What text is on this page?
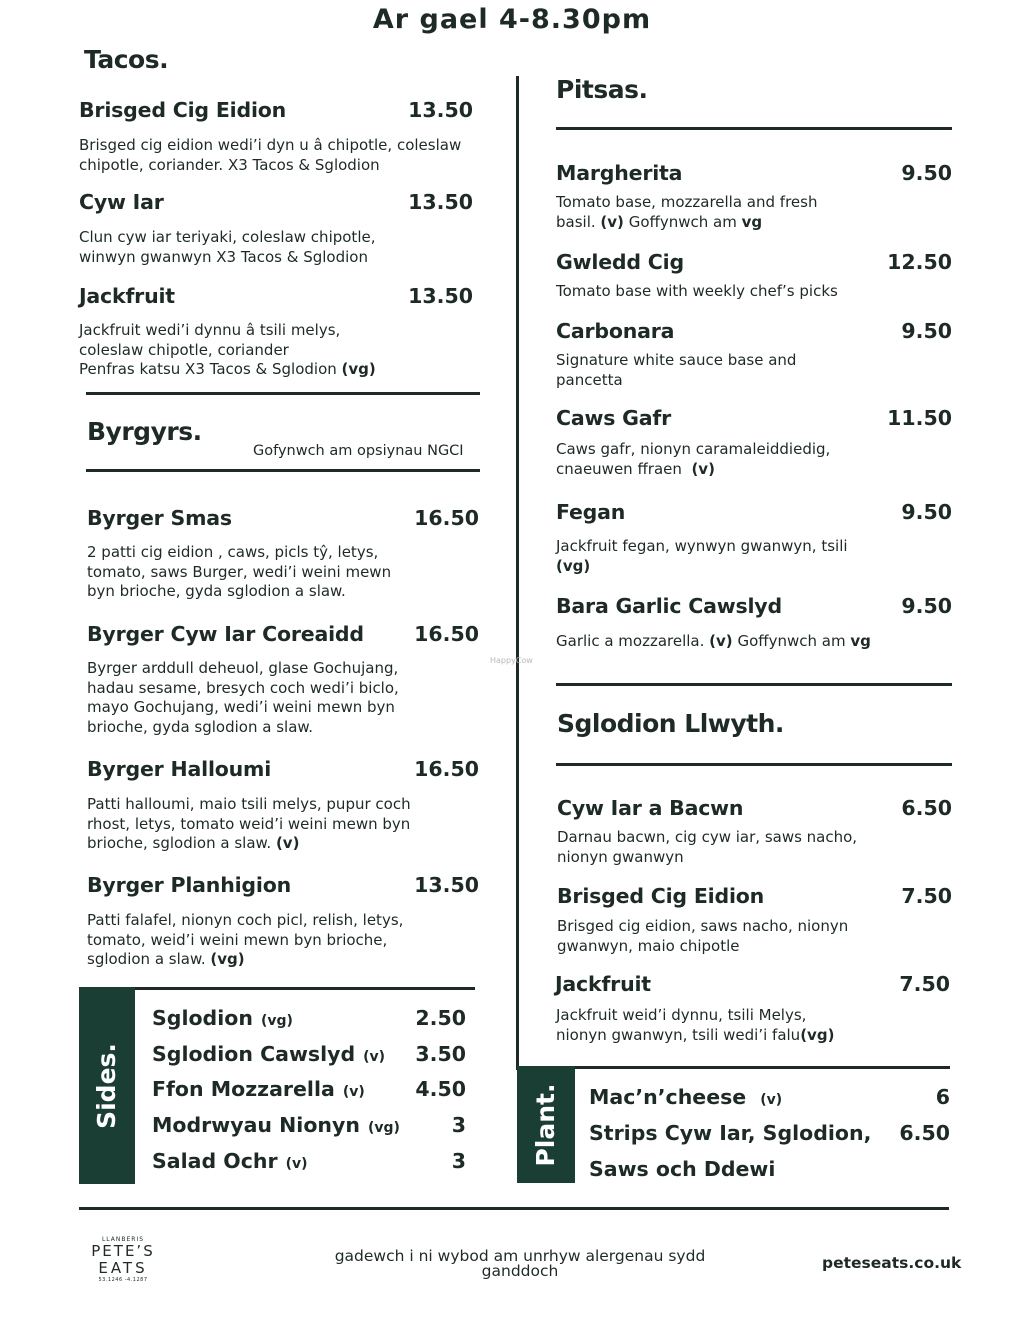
Ar gael 4-8.30pm
Tacos.
Brisged Cig Eidion	13.50
Brisged cig eidion wedi’i dyn u â chipotle, coleslaw
chipotle, coriander. X3 Tacos & Sglodion
Cyw Iar	13.50
Clun cyw iar teriyaki, coleslaw chipotle,
winwyn gwanwyn X3 Tacos & Sglodion
Jackfruit	13.50
Jackfruit wedi’i dynnu â tsili melys,
coleslaw chipotle, coriander
Penfras katsu X3 Tacos & Sglodion (vg)
Byrgyrs.
Gofynwch am opsiynau NGCI
Byrger Smas	16.50
2 patti cig eidion , caws, picls tŷ, letys,
tomato, saws Burger, wedi’i weini mewn
byn brioche, gyda sglodion a slaw.
Byrger Cyw Iar Coreaidd	16.50
Byrger arddull deheuol, glase Gochujang,
hadau sesame, bresych coch wedi’i biclo,
mayo Gochujang, wedi’i weini mewn byn
brioche, gyda sglodion a slaw.
Byrger Halloumi	16.50
Patti halloumi, maio tsili melys, pupur coch
rhost, letys, tomato weid’i weini mewn byn
brioche, sglodion a slaw. (v)
Byrger Planhigion	13.50
Patti falafel, nionyn coch picl, relish, letys,
tomato, weid’i weini mewn byn brioche,
sglodion a slaw. (vg)
Sides.
Sglodion (vg)	2.50
Sglodion Cawslyd (v)	3.50
Ffon Mozzarella (v)	4.50
Modrwyau Nionyn (vg)	3
Salad Ochr (v)	3
Pitsas.
Margherita	9.50
Tomato base, mozzarella and fresh
basil. (v) Goffynwch am vg
Gwledd Cig	12.50
Tomato base with weekly chef’s picks
Carbonara	9.50
Signature white sauce base and
pancetta
Caws Gafr	11.50
Caws gafr, nionyn caramaleiddiedig,
cnaeuwen ffraen (v)
Fegan	9.50
Jackfruit fegan, wynwyn gwanwyn, tsili
(vg)
Bara Garlic Cawslyd	9.50
Garlic a mozzarella. (v) Goffynwch am vg
HappyCow
Sglodion Llwyth.
Cyw Iar a Bacwn	6.50
Darnau bacwn, cig cyw iar, saws nacho,
nionyn gwanwyn
Brisged Cig Eidion	7.50
Brisged cig eidion, saws nacho, nionyn
gwanwyn, maio chipotle
Jackfruit	7.50
Jackfruit weid’i dynnu, tsili Melys,
nionyn gwanwyn, tsili wedi’i falu(vg)
Plant. Mac’n’cheese (v)	6
Strips Cyw Iar, Sglodion,	6.50
Saws och Ddewi
LLANBERIS
PETE’S
EATS
53.1246 -4.1287
gadewch i ni wybod am unrhyw alergenau sydd
ganddoch	peteseats.co.uk
